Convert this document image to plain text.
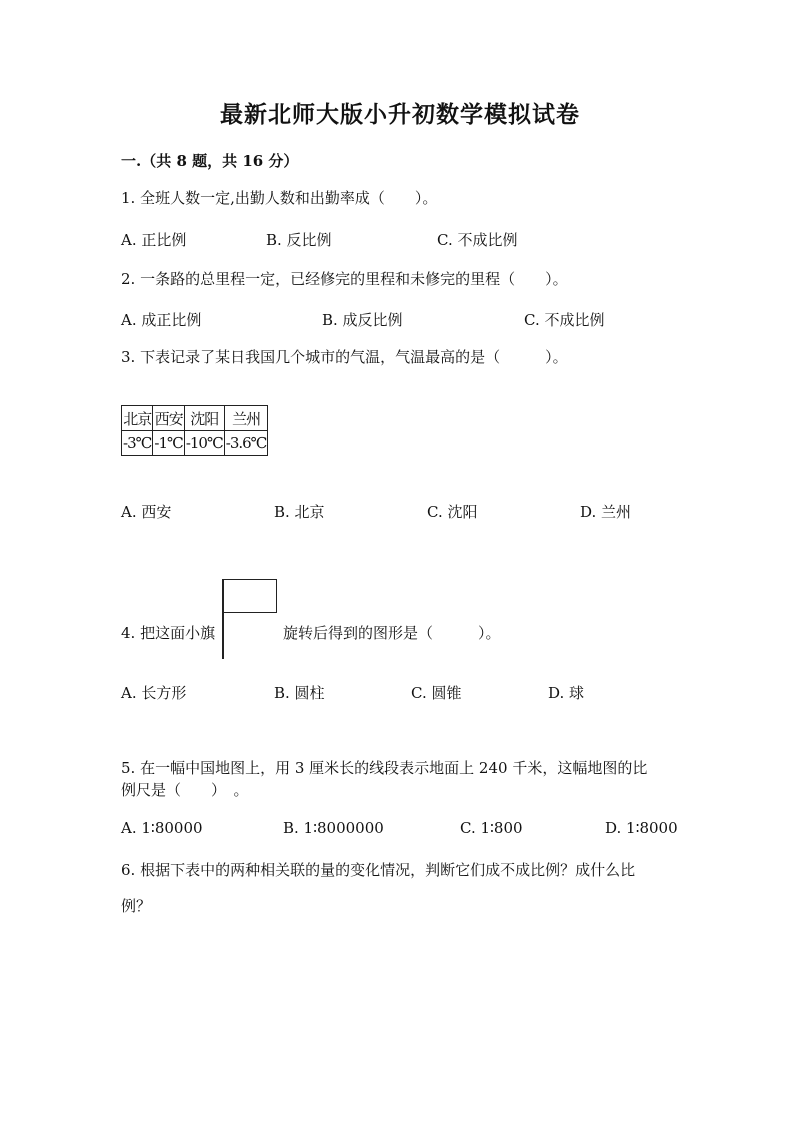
最新北师大版小升初数学模拟试卷
一.（共 8 题，共 16 分）
1. 全班人数一定,出勤人数和出勤率成（　　）。
A. 正比例	B. 反比例	C. 不成比例
2. 一条路的总里程一定，已经修完的里程和未修完的里程（　　）。
A. 成正比例	B. 成反比例	C. 不成比例
3. 下表记录了某日我国几个城市的气温，气温最高的是（　　　）。
北京	西安	沈阳	兰州
-3℃	-1℃	-10℃	-3.6℃
A. 西安	B. 北京	C. 沈阳	D. 兰州
4. 把这面小旗	旋转后得到的图形是（　　　）。
A. 长方形	B. 圆柱	C. 圆锥	D. 球
5. 在一幅中国地图上，用 3 厘米长的线段表示地面上 240 千米，这幅地图的比
例尺是（　　）　。
A. 1∶80000	B. 1∶8000000	C. 1∶800	D. 1∶8000
6. 根据下表中的两种相关联的量的变化情况，判断它们成不成比例？成什么比
例？
